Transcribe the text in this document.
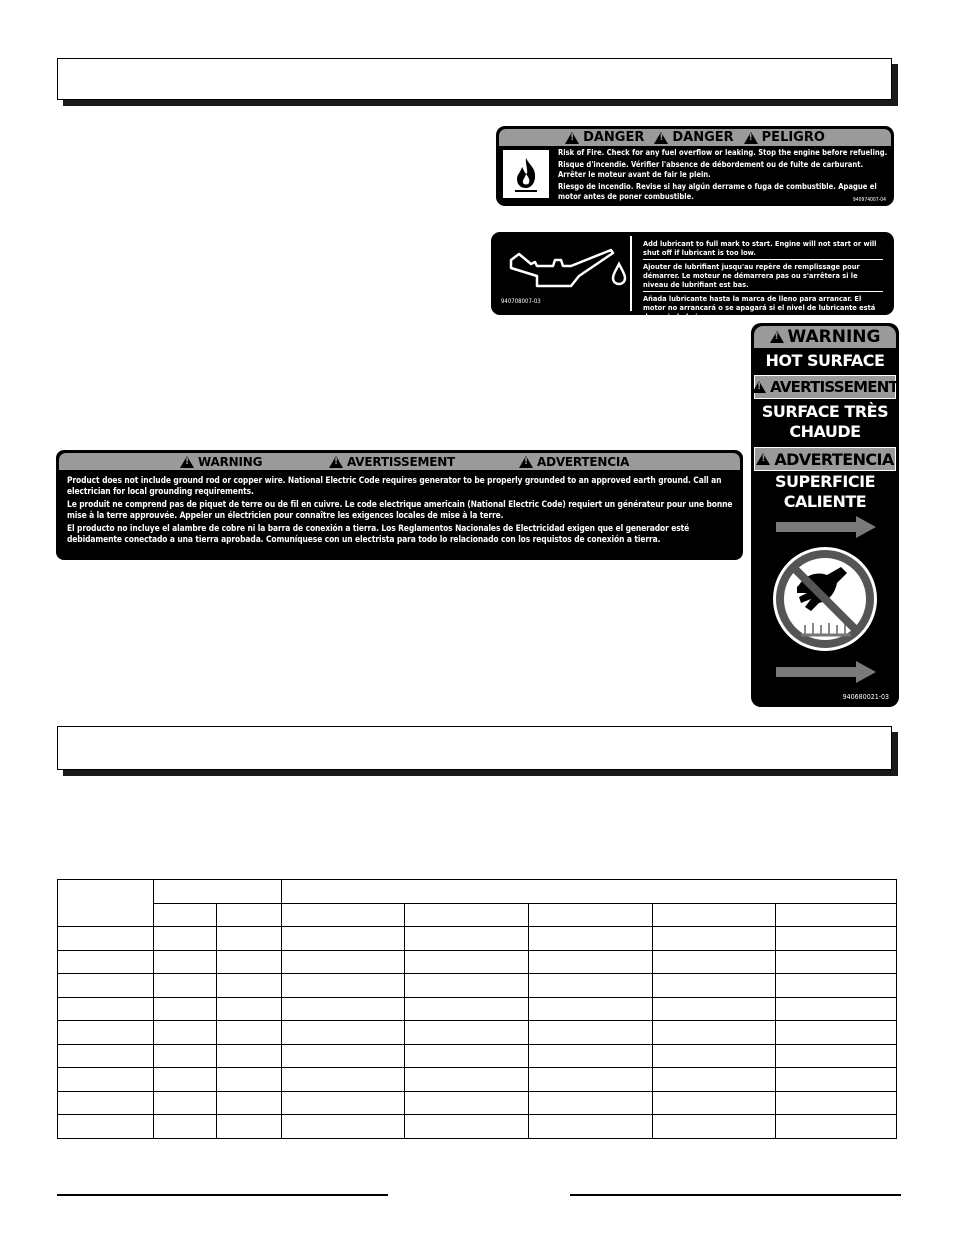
!DANGER !	DANGER !	PELIGRO
Risk of Fire. Check for any fuel overflow or leaking. Stop the engine before refueling.
Risque d'incendie. Vérifier l'absence de débordement ou de fuite de carburant. Arrêter le moteur avant de fair le plein.
Riesgo de incendio. Revise si hay algún derrame o fuga de combustible. Apague el motor antes de poner combustible.	940974007-04
940708007-03
Add lubricant to full mark to start. Engine will not start or will shut off if lubricant is too low.
Ajouter de lubrifiant jusqu'au repère de remplissage pour démarrer. Le moteur ne démarrera pas ou s'arrêtera si le niveau de lubrifiant est bas.
Añada lubricante hasta la marca de lleno para arrancar. El motor no arrancará o se apagará si el nivel de lubricante está demasiado bajo.
!
WARNING
HOT SURFACE
!
AVERTISSEMENT
SURFACE TRÈS CHAUDE
!
ADVERTENCIA
SUPERFICIE CALIENTE
940680021-03
!WARNING !	AVERTISSEMENT !	ADVERTENCIA
Product does not include ground rod or copper wire. National Electric Code requires generator to be properly grounded to an approved earth ground. Call an electrician for local grounding requirements.
Le produit ne comprend pas de piquet de terre ou de fil en cuivre. Le code electrique americain (National Electric Code) requiert un générateur pour une bonne mise à la terre approuvée. Appeler un électricien pour connaître les exigences locales de mise à la terre.
El producto no incluye el alambre de cobre ni la barra de conexión a tierra. Los Reglamentos Nacionales de Electricidad exigen que el generador esté debidamente conectado a una tierra aprobada. Comuníquese con un electrista para todo lo relacionado con los requistos de conexión a tierra.
